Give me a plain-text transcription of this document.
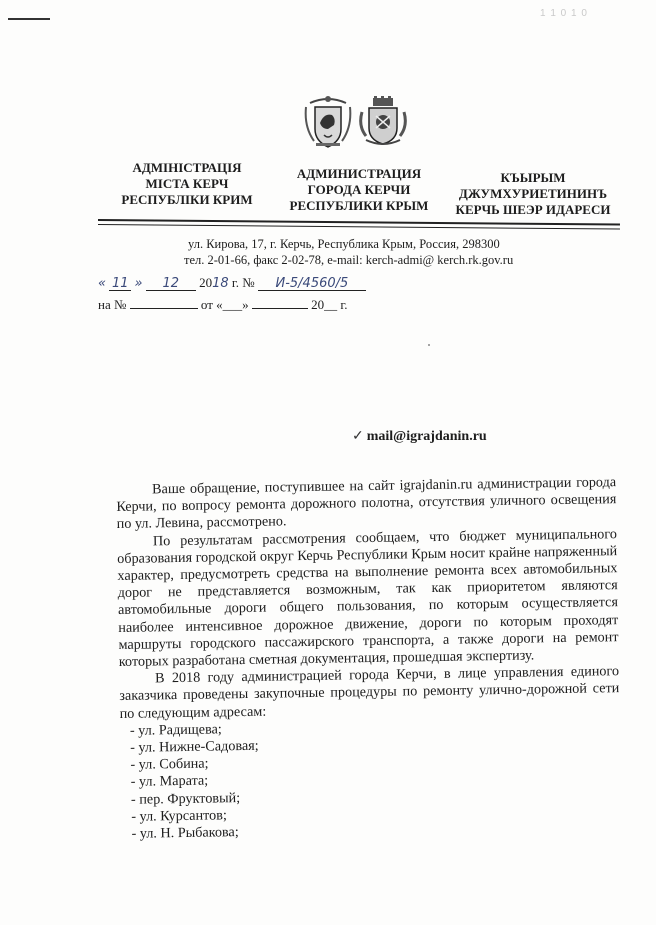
1 1 0 1 0
АДМІНІСТРАЦІЯ
МІСТА КЕРЧ
РЕСПУБЛІКИ КРИМ
АДМИНИСТРАЦИЯ
ГОРОДА КЕРЧИ
РЕСПУБЛИКИ КРЫМ
КЪЫРЫМ
ДЖУМХУРИЕТИНИНЪ
КЕРЧЬ ШЕЭР ИДАРЕСИ
ул. Кирова, 17, г. Керчь, Республика Крым, Россия, 298300
тел. 2-01-66, факс 2-02-78, e-mail: kerch-admi@ kerch.rk.gov.ru
« 11 » 12 2018 г. № И-5/4560/5
на №	от «___»	20__ г.
✓ mail@igrajdanin.ru

Ваше обращение, поступившее на сайт igrajdanin.ru администрации города Керчи, по вопросу ремонта дорожного полотна, отсутствия уличного освещения по ул. Левина, рассмотрено.

По результатам рассмотрения сообщаем, что бюджет муниципального образования городской округ Керчь Республики Крым носит крайне напряженный характер, предусмотреть средства на выполнение ремонта всех автомобильных дорог не представляется возможным, так как приоритетом являются автомобильные дороги общего пользования, по которым осуществляется наиболее интенсивное дорожное движение, дороги по которым проходят маршруты городского пассажирского транспорта, а также дороги на ремонт которых разработана сметная документация, прошедшая экспертизу.

В 2018 году администрацией города Керчи, в лице управления единого заказчика проведены закупочные процедуры по ремонту улично-дорожной сети по следующим адресам:

- ул. Радищева;
- ул. Нижне-Садовая;
- ул. Собина;
- ул. Марата;
- пер. Фруктовый;
- ул. Курсантов;
- ул. Н. Рыбакова;
